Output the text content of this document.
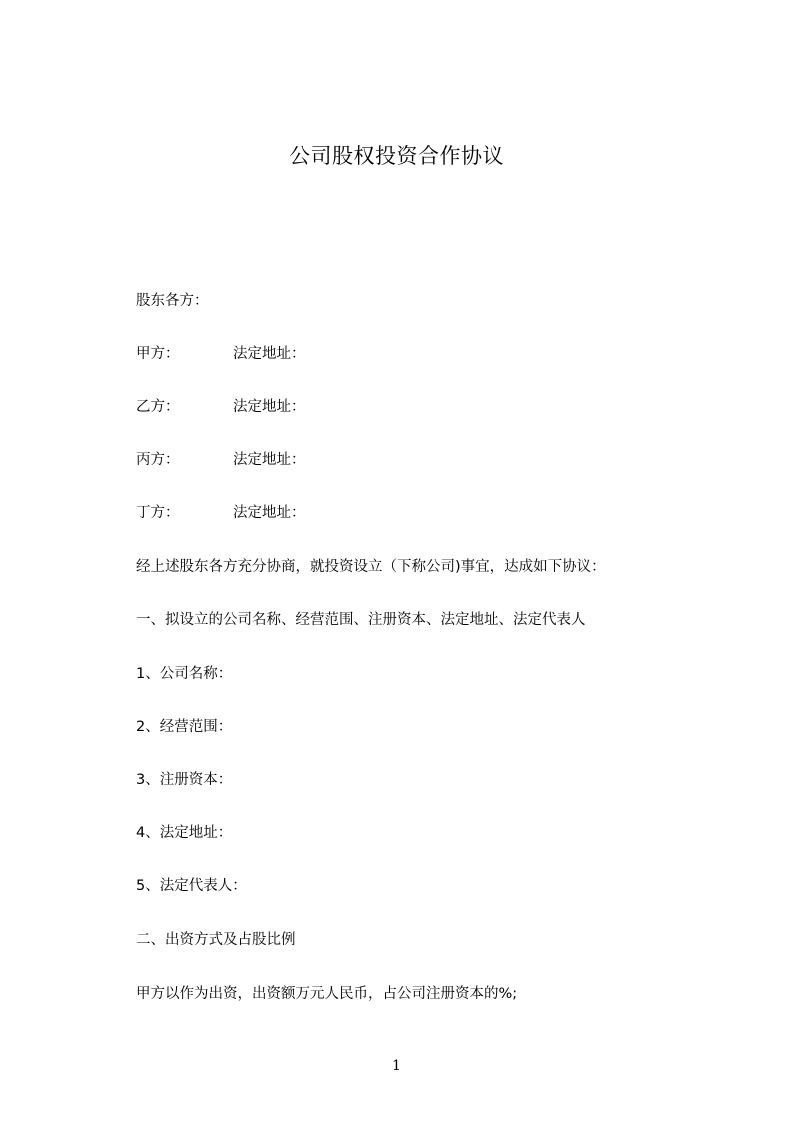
公司股权投资合作协议
股东各方：
甲方：	法定地址：
乙方：	法定地址：
丙方：	法定地址：
丁方：	法定地址：
经上述股东各方充分协商，就投资设立（下称公司)事宜，达成如下协议：
一、拟设立的公司名称、经营范围、注册资本、法定地址、法定代表人
1、公司名称：
2、经营范围：
3、注册资本：
4、法定地址：
5、法定代表人：
二、出资方式及占股比例
甲方以作为出资，出资额万元人民币，占公司注册资本的%;
1
